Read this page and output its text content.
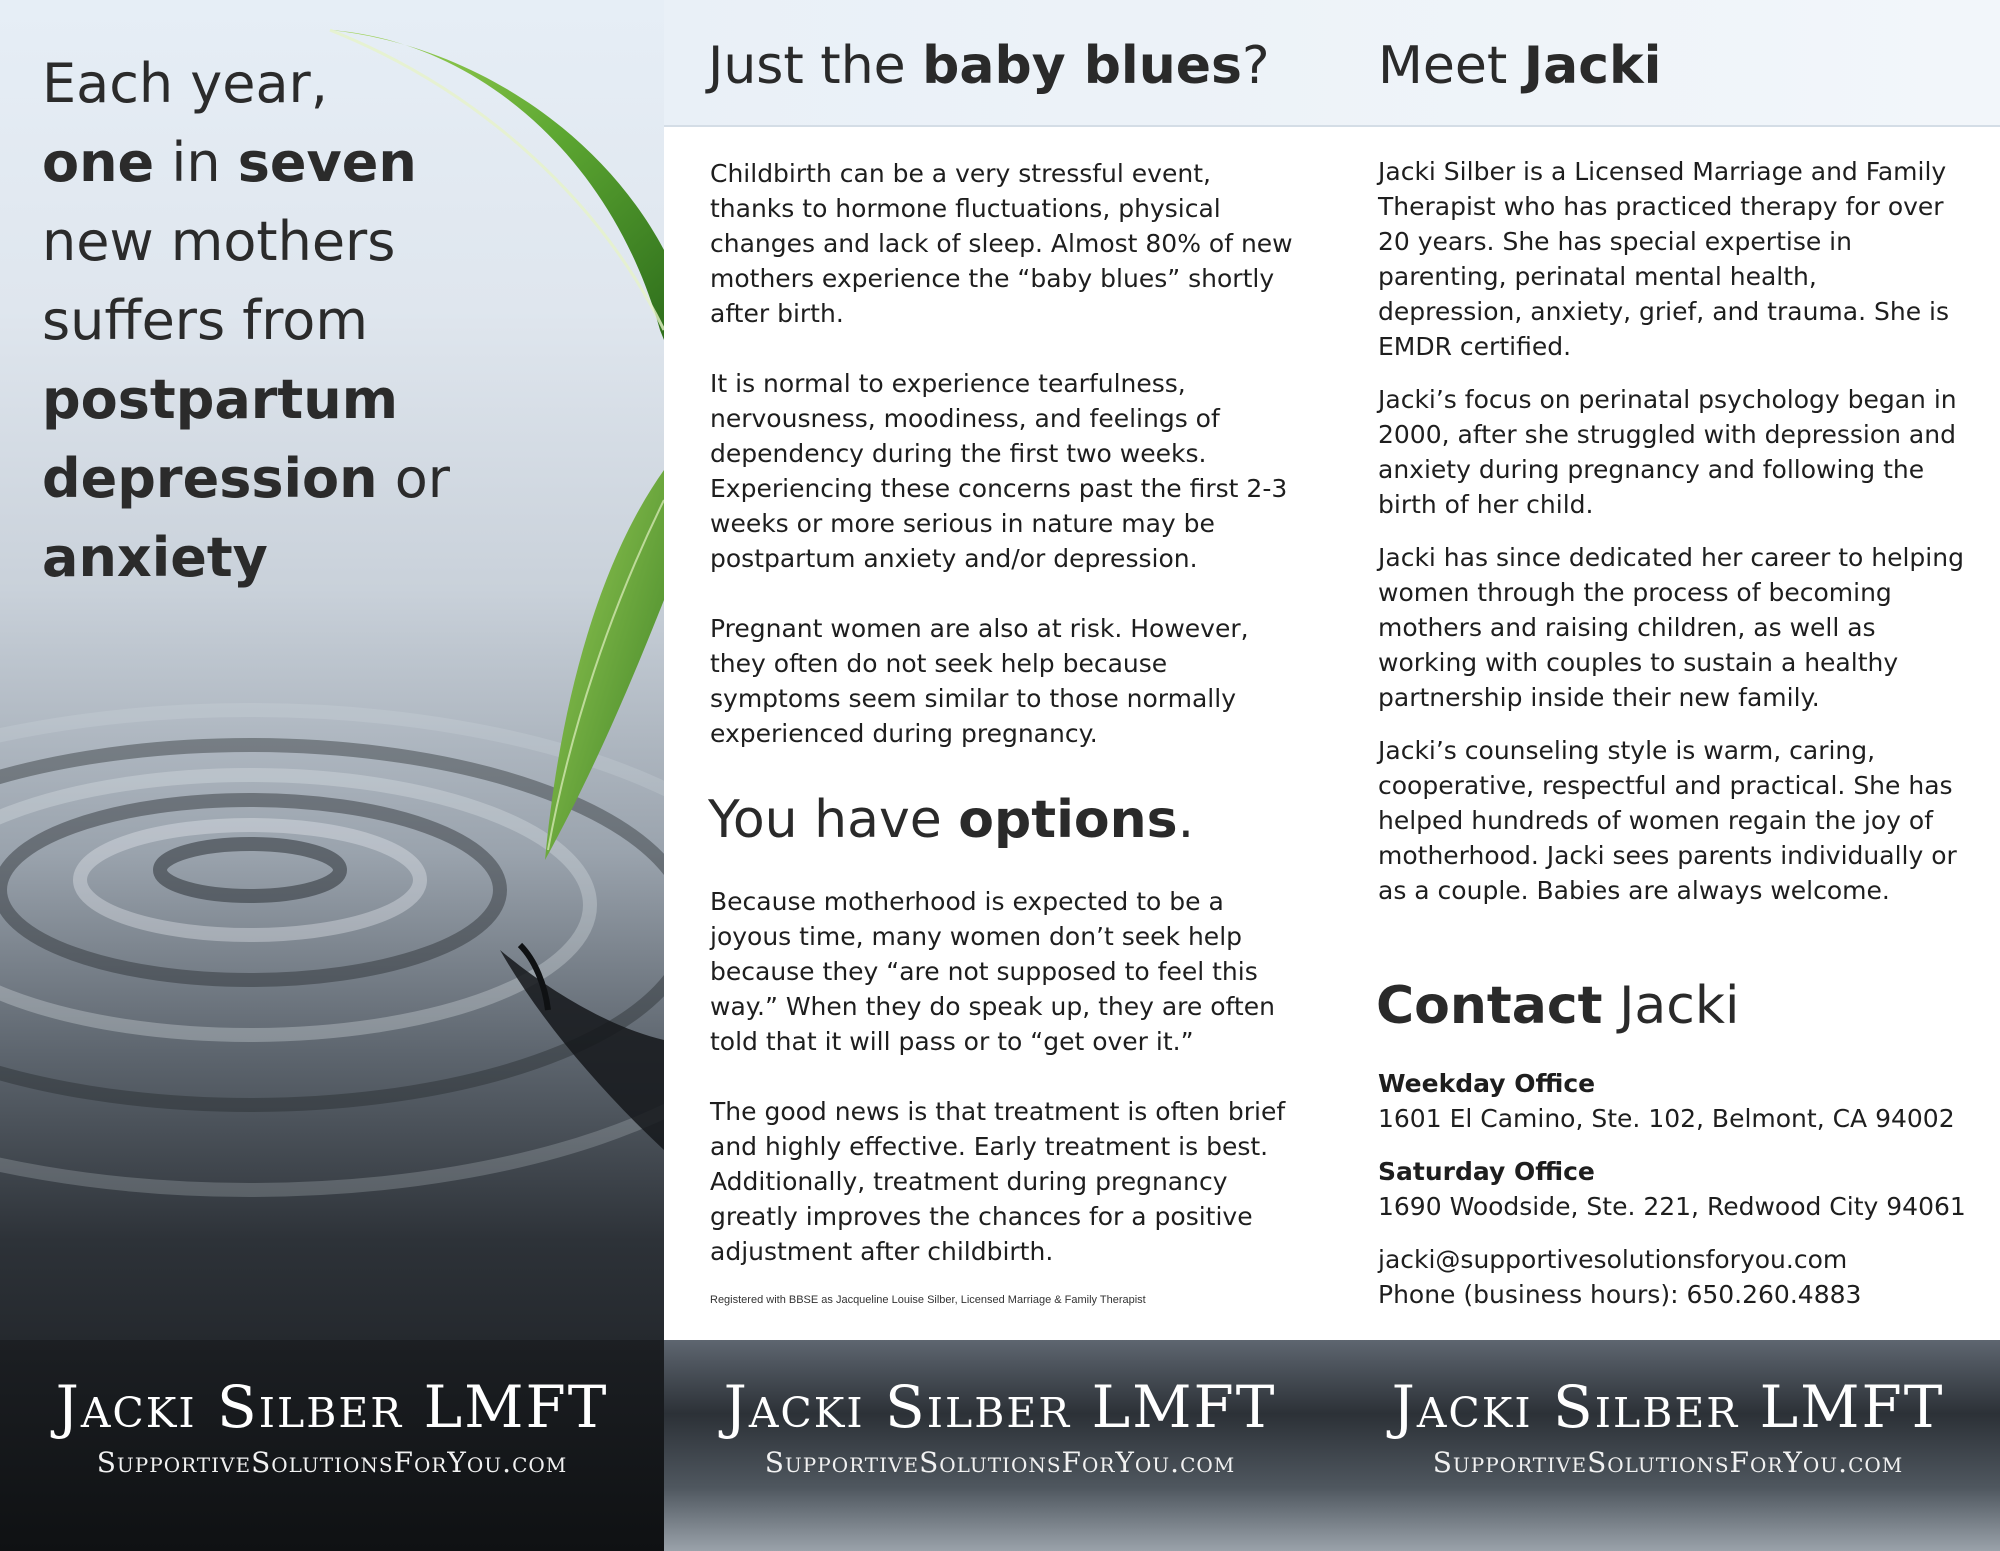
Each year,
one in seven
new mothers
suffers from
postpartum
depression or
anxiety
Just the baby blues? Meet Jacki

Childbirth can be a very stressful event, thanks to hormone fluctuations, physical changes and lack of sleep. Almost 80% of new mothers experience the “baby blues” shortly after birth.

It is normal to experience tearfulness, nervousness, moodiness, and feelings of dependency during the first two weeks. Experiencing these concerns past the first 2-3 weeks or more serious in nature may be postpartum anxiety and/or depression.

Pregnant women are also at risk. However, they often do not seek help because symptoms seem similar to those normally experienced during pregnancy.

You have options.

Because motherhood is expected to be a joyous time, many women don’t seek help because they “are not supposed to feel this way.” When they do speak up, they are often told that it will pass or to “get over it.”

The good news is that treatment is often brief and highly effective. Early treatment is best. Additionally, treatment during pregnancy greatly improves the chances for a positive adjustment after childbirth.

Registered with BBSE as Jacqueline Louise Silber, Licensed Marriage & Family Therapist

Jacki Silber is a Licensed Marriage and Family Therapist who has practiced therapy for over 20 years. She has special expertise in parenting, perinatal mental health, depression, anxiety, grief, and trauma. She is EMDR certified.

Jacki’s focus on perinatal psychology began in 2000, after she struggled with depression and anxiety during pregnancy and following the birth of her child.

Jacki has since dedicated her career to helping women through the process of becoming mothers and raising children, as well as working with couples to sustain a healthy partnership inside their new family.

Jacki’s counseling style is warm, caring, cooperative, respectful and practical. She has helped hundreds of women regain the joy of motherhood. Jacki sees parents individually or as a couple. Babies are always welcome.

Contact Jacki
Weekday Office
1601 El Camino, Ste. 102, Belmont, CA 94002
Saturday Office
1690 Woodside, Ste. 221, Redwood City 94061
jacki@supportivesolutionsforyou.com
Phone (business hours): 650.260.4883
Jacki Silber LMFT
SupportiveSolutionsForYou.com
Jacki Silber LMFT
SupportiveSolutionsForYou.com
Jacki Silber LMFT
SupportiveSolutionsForYou.com
